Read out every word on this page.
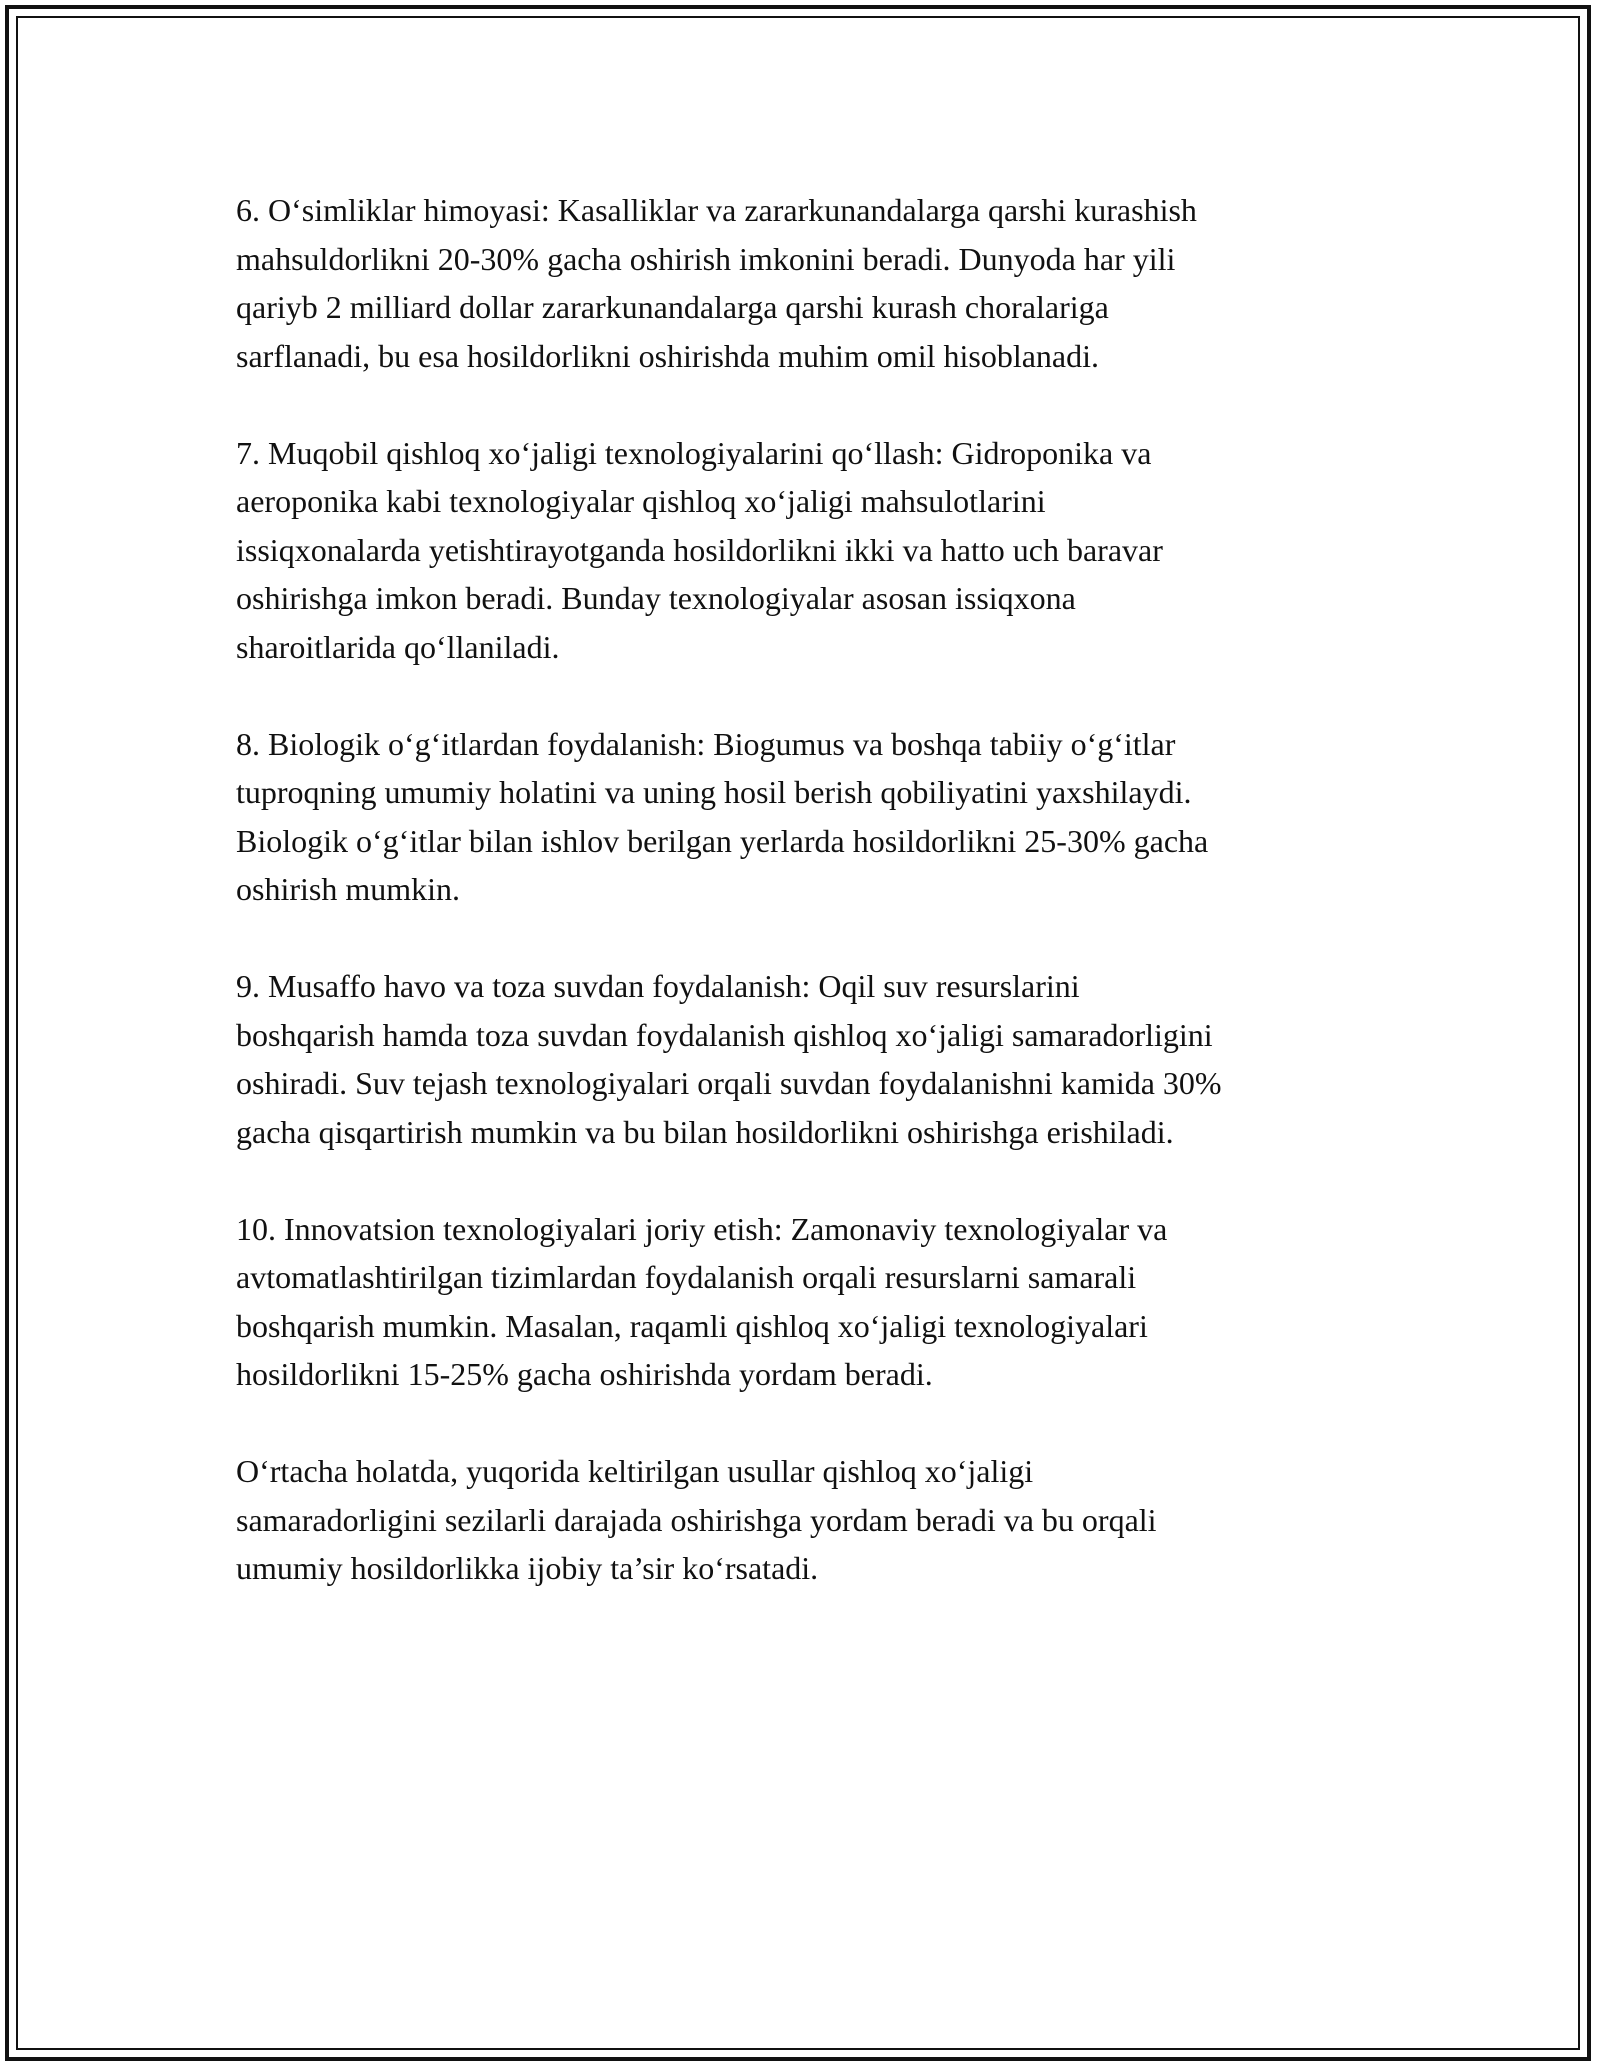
6. O‘simliklar himoyasi: Kasalliklar va zararkunandalarga qarshi kurashish
mahsuldorlikni 20-30% gacha oshirish imkonini beradi. Dunyoda har yili
qariyb 2 milliard dollar zararkunandalarga qarshi kurash choralariga
sarflanadi, bu esa hosildorlikni oshirishda muhim omil hisoblanadi.

7. Muqobil qishloq xo‘jaligi texnologiyalarini qo‘llash: Gidroponika va
aeroponika kabi texnologiyalar qishloq xo‘jaligi mahsulotlarini
issiqxonalarda yetishtirayotganda hosildorlikni ikki va hatto uch baravar
oshirishga imkon beradi. Bunday texnologiyalar asosan issiqxona
sharoitlarida qo‘llaniladi.

8. Biologik o‘g‘itlardan foydalanish: Biogumus va boshqa tabiiy o‘g‘itlar
tuproqning umumiy holatini va uning hosil berish qobiliyatini yaxshilaydi.
Biologik o‘g‘itlar bilan ishlov berilgan yerlarda hosildorlikni 25-30% gacha
oshirish mumkin.

9. Musaffo havo va toza suvdan foydalanish: Oqil suv resurslarini
boshqarish hamda toza suvdan foydalanish qishloq xo‘jaligi samaradorligini
oshiradi. Suv tejash texnologiyalari orqali suvdan foydalanishni kamida 30%
gacha qisqartirish mumkin va bu bilan hosildorlikni oshirishga erishiladi.

10. Innovatsion texnologiyalari joriy etish: Zamonaviy texnologiyalar va
avtomatlashtirilgan tizimlardan foydalanish orqali resurslarni samarali
boshqarish mumkin. Masalan, raqamli qishloq xo‘jaligi texnologiyalari
hosildorlikni 15-25% gacha oshirishda yordam beradi.

O‘rtacha holatda, yuqorida keltirilgan usullar qishloq xo‘jaligi
samaradorligini sezilarli darajada oshirishga yordam beradi va bu orqali
umumiy hosildorlikka ijobiy ta’sir ko‘rsatadi.
